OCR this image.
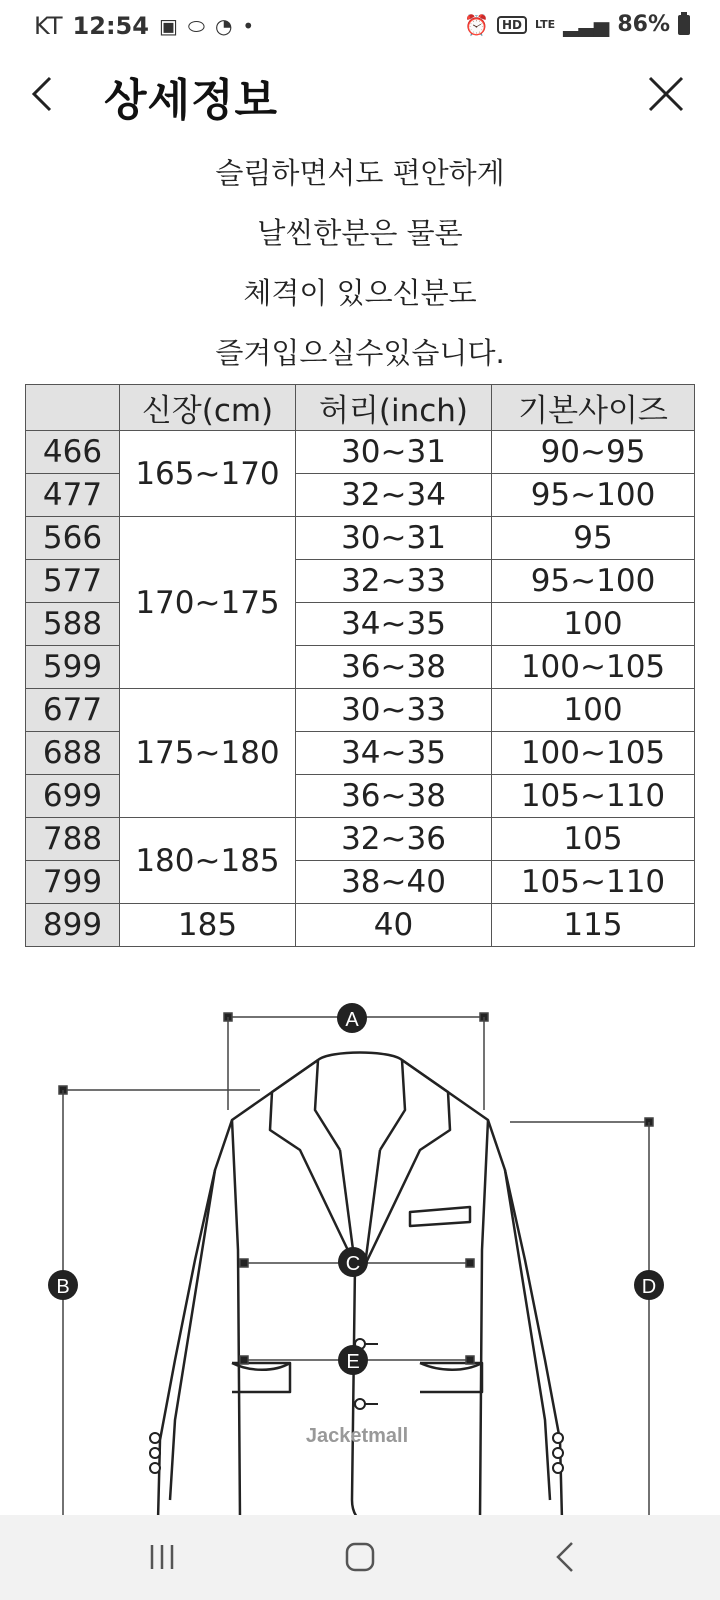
KT 12:54 ▣ ⬭ ◔ •	⏰	HD	LTE ▂▃▅ 86%
상세정보
슬림하면서도 편안하게
날씬한분은 물론
체격이 있으신분도
즐겨입으실수있습니다.
	신장(cm)	허리(inch)	기본사이즈
466	165~170	30~31	90~95
477		32~34	95~100
566	170~175	30~31	95
577		32~33	95~100
588		34~35	100
599		36~38	100~105
677	175~180	30~33	100
688		34~35	100~105
699		36~38	105~110
788	180~185	32~36	105
799		38~40	105~110
899	185	40	115
A
B
C
D
E
Jacketmall
